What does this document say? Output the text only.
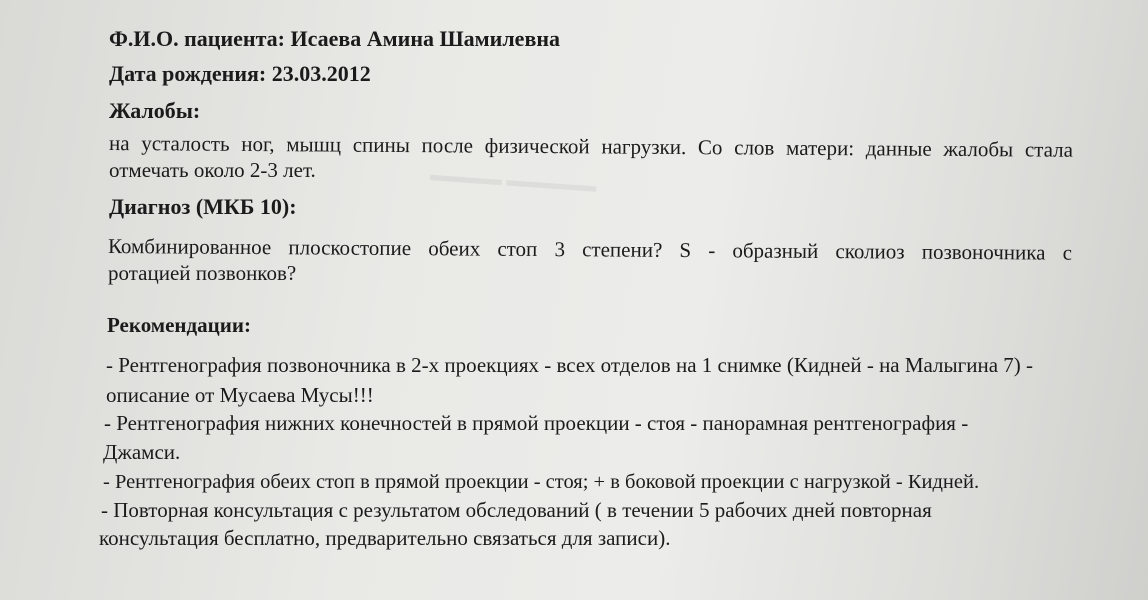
▬▬▬▬ ▬▬▬▬▬
Ф.И.О. пациента: Исаева Амина Шамилевна
Дата рождения: 23.03.2012
Жалобы:
на усталость ног, мышц спины после физической нагрузки. Со слов матери: данные жалобы стала
отмечать около 2-3 лет.
Диагноз (МКБ 10):
Комбинированное плоскостопие обеих стоп 3 степени? S - образный сколиоз позвоночника с
ротацией позвонков?
Рекомендации:
- Рентгенография позвоночника в 2-х проекциях - всех отделов на 1 снимке (Кидней - на Малыгина 7) -
описание от Мусаева Мусы!!!
- Рентгенография нижних конечностей в прямой проекции - стоя - панорамная рентгенография -
Джамси.
- Рентгенография обеих стоп в прямой проекции - стоя; + в боковой проекции с нагрузкой - Кидней.
- Повторная консультация с результатом обследований ( в течении 5 рабочих дней повторная
консультация бесплатно, предварительно связаться для записи).
